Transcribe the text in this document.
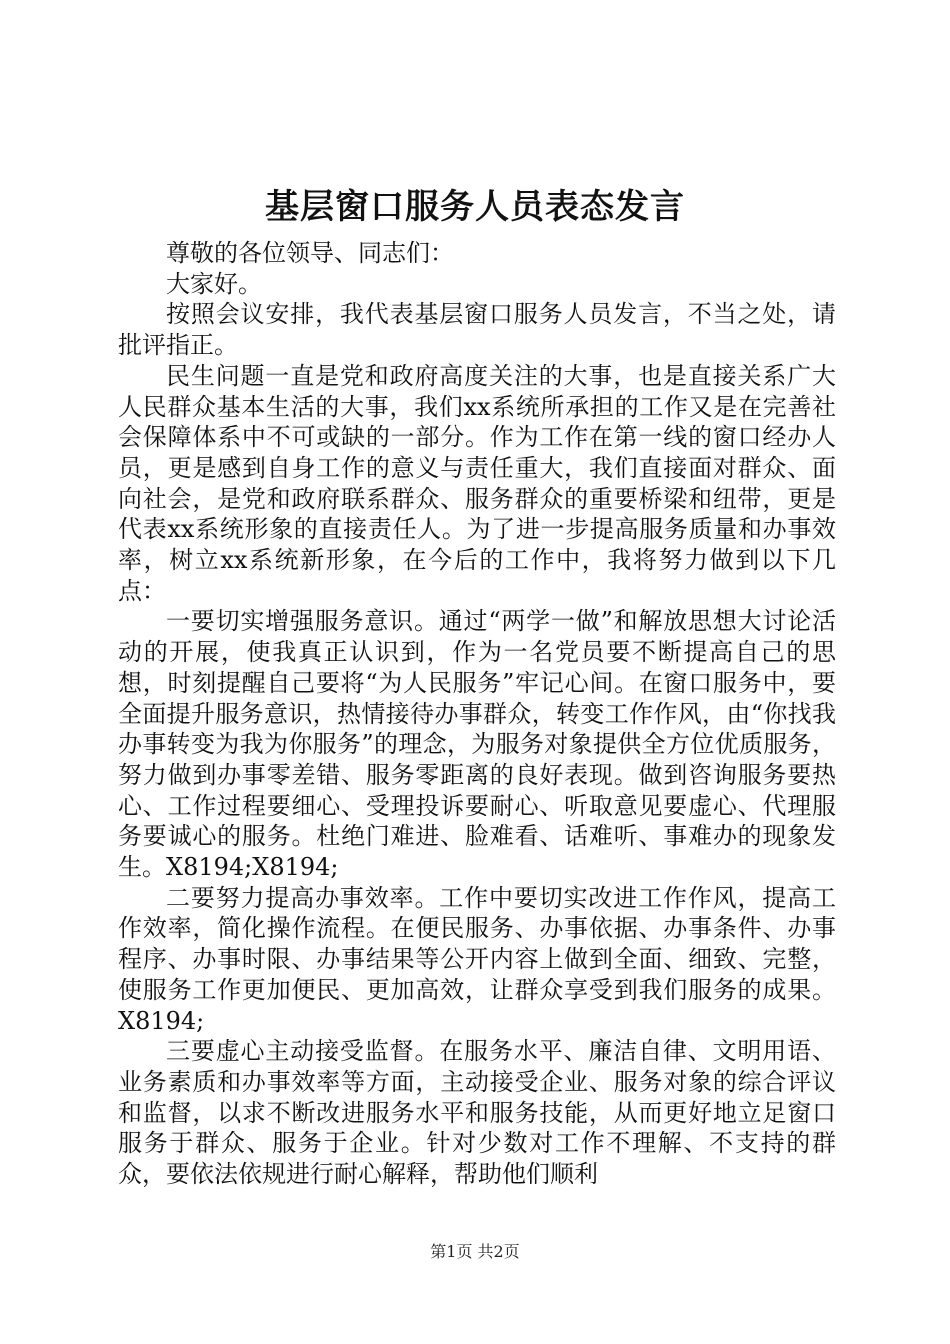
基层窗口服务人员表态发言

尊敬的各位领导、同志们：

大家好。

按照会议安排，我代表基层窗口服务人员发言，不当之处，请批评指正。

民生问题一直是党和政府高度关注的大事，也是直接关系广大人民群众基本生活的大事，我们xx系统所承担的工作又是在完善社会保障体系中不可或缺的一部分。作为工作在第一线的窗口经办人员，更是感到自身工作的意义与责任重大，我们直接面对群众、面向社会，是党和政府联系群众、服务群众的重要桥梁和纽带，更是代表xx系统形象的直接责任人。为了进一步提高服务质量和办事效率，树立xx系统新形象，在今后的工作中，我将努力做到以下几点：

一要切实增强服务意识。通过“两学一做”和解放思想大讨论活动的开展，使我真正认识到，作为一名党员要不断提高自己的思想，时刻提醒自己要将“为人民服务”牢记心间。在窗口服务中，要全面提升服务意识，热情接待办事群众，转变工作作风，由“你找我办事转变为我为你服务”的理念，为服务对象提供全方位优质服务，努力做到办事零差错、服务零距离的良好表现。做到咨询服务要热心、工作过程要细心、受理投诉要耐心、听取意见要虚心、代理服务要诚心的服务。杜绝门难进、脸难看、话难听、事难办的现象发生。X8194;X8194;

二要努力提高办事效率。工作中要切实改进工作作风，提高工作效率，简化操作流程。在便民服务、办事依据、办事条件、办事程序、办事时限、办事结果等公开内容上做到全面、细致、完整，使服务工作更加便民、更加高效，让群众享受到我们服务的成果。X8194;

三要虚心主动接受监督。在服务水平、廉洁自律、文明用语、业务素质和办事效率等方面，主动接受企业、服务对象的综合评议和监督，以求不断改进服务水平和服务技能，从而更好地立足窗口服务于群众、服务于企业。针对少数对工作不理解、不支持的群众，要依法依规进行耐心解释，帮助他们顺利

第1页 共2页
